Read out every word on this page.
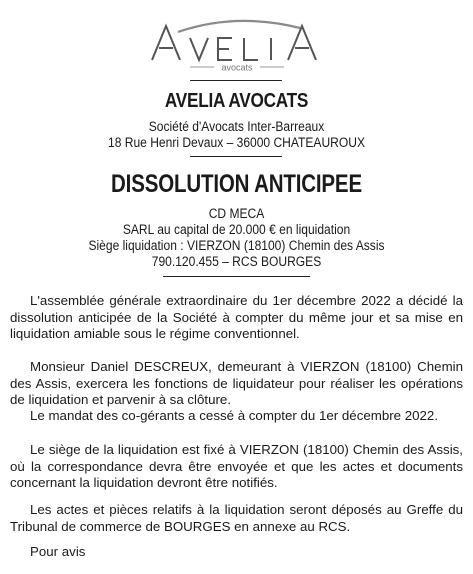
avocats
AVELIA AVOCATS
Société d'Avocats Inter-Barreaux
18 Rue Henri Devaux – 36000 CHATEAUROUX
DISSOLUTION ANTICIPEE
CD MECA
SARL au capital de 20.000 € en liquidation
Siège liquidation : VIERZON (18100) Chemin des Assis
790.120.455 – RCS BOURGES

L'assemblée générale extraordinaire du 1er décembre 2022 a décidé la dissolution anticipée de la Société à compter du même jour et sa mise en liquidation amiable sous le régime conventionnel.

Monsieur Daniel DESCREUX, demeurant à VIERZON (18100) Chemin des Assis, exercera les fonctions de liquidateur pour réaliser les opérations de liquidation et parvenir à sa clôture.

Le mandat des co-gérants a cessé à compter du 1er décembre 2022.

Le siège de la liquidation est fixé à VIERZON (18100) Chemin des Assis, où la correspondance devra être envoyée et que les actes et documents concernant la liquidation devront être notifiés.

Les actes et pièces relatifs à la liquidation seront déposés au Greffe du Tribunal de commerce de BOURGES en annexe au RCS.

Pour avis
